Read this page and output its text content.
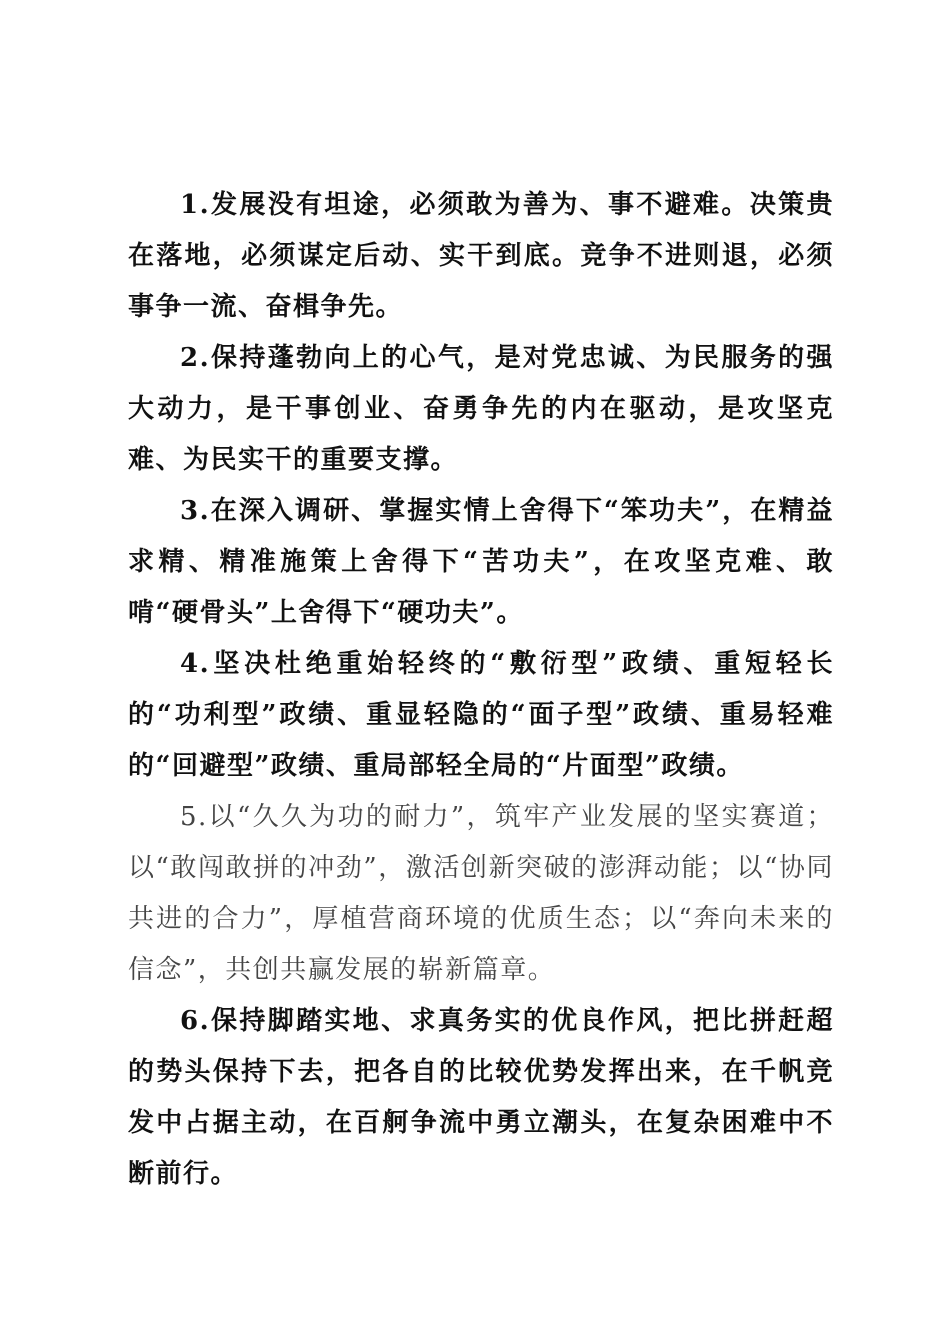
1.发展没有坦途，必须敢为善为、事不避难。决策贵在落地，必须谋定后动、实干到底。竞争不进则退，必须事争一流、奋楫争先。

2.保持蓬勃向上的心气，是对党忠诚、为民服务的强大动力，是干事创业、奋勇争先的内在驱动，是攻坚克难、为民实干的重要支撑。

3.在深入调研、掌握实情上舍得下“笨功夫”，在精益求精、精准施策上舍得下“苦功夫”，在攻坚克难、敢啃“硬骨头”上舍得下“硬功夫”。

4.坚决杜绝重始轻终的“敷衍型”政绩、重短轻长的“功利型”政绩、重显轻隐的“面子型”政绩、重易轻难的“回避型”政绩、重局部轻全局的“片面型”政绩。

5.以“久久为功的耐力”，筑牢产业发展的坚实赛道；以“敢闯敢拼的冲劲”，激活创新突破的澎湃动能；以“协同共进的合力”，厚植营商环境的优质生态；以“奔向未来的信念”，共创共赢发展的崭新篇章。

6.保持脚踏实地、求真务实的优良作风，把比拼赶超的势头保持下去，把各自的比较优势发挥出来，在千帆竞发中占据主动，在百舸争流中勇立潮头，在复杂困难中不断前行。
